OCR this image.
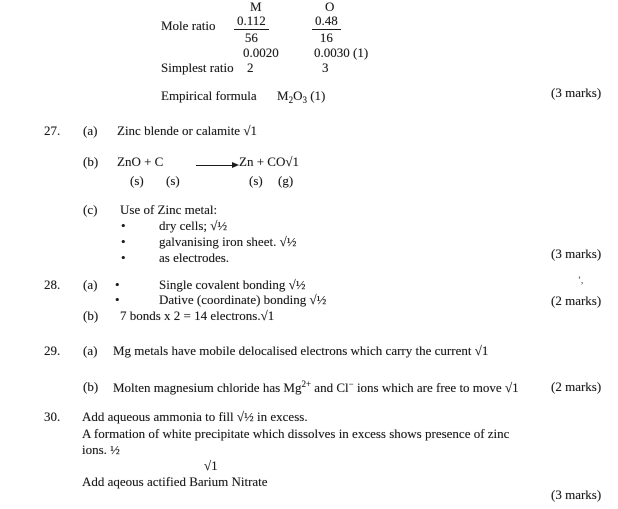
M	O
Mole ratio $\frac{0.112}{56}$	$\frac{0.48}{16}$
0.0020	0.0030 (1)
Simplest ratio 2	3
Empirical formula $M_2O_3$ (1)	(3 marks)
27. (a) Zinc blende or calamite √1
(b) ZnO + C	→ Zn + CO√1
(s) (s)	(s) (g)
(c) Use of Zinc metal:
•	dry cells; √½
•	galvanising iron sheet. √½
•	as electrodes.	(3 marks)
28. (a) •	Single covalent bonding √½
•	Dative (coordinate) bonding √½
’,
(2 marks)
(b) 7 bonds x 2 = 14 electrons.√1
29. (a) Mg metals have mobile delocalised electrons which carry the current √1
(b) Molten magnesium chloride has $Mg^{2+}$ and Cl− ions which are free to move √1 (2 marks)
30. Add aqueous ammonia to fill √½ in excess.
A formation of white precipitate which dissolves in excess shows presence of zinc
ions. ½
√1
Add aqeous actified Barium Nitrate
(3 marks)
